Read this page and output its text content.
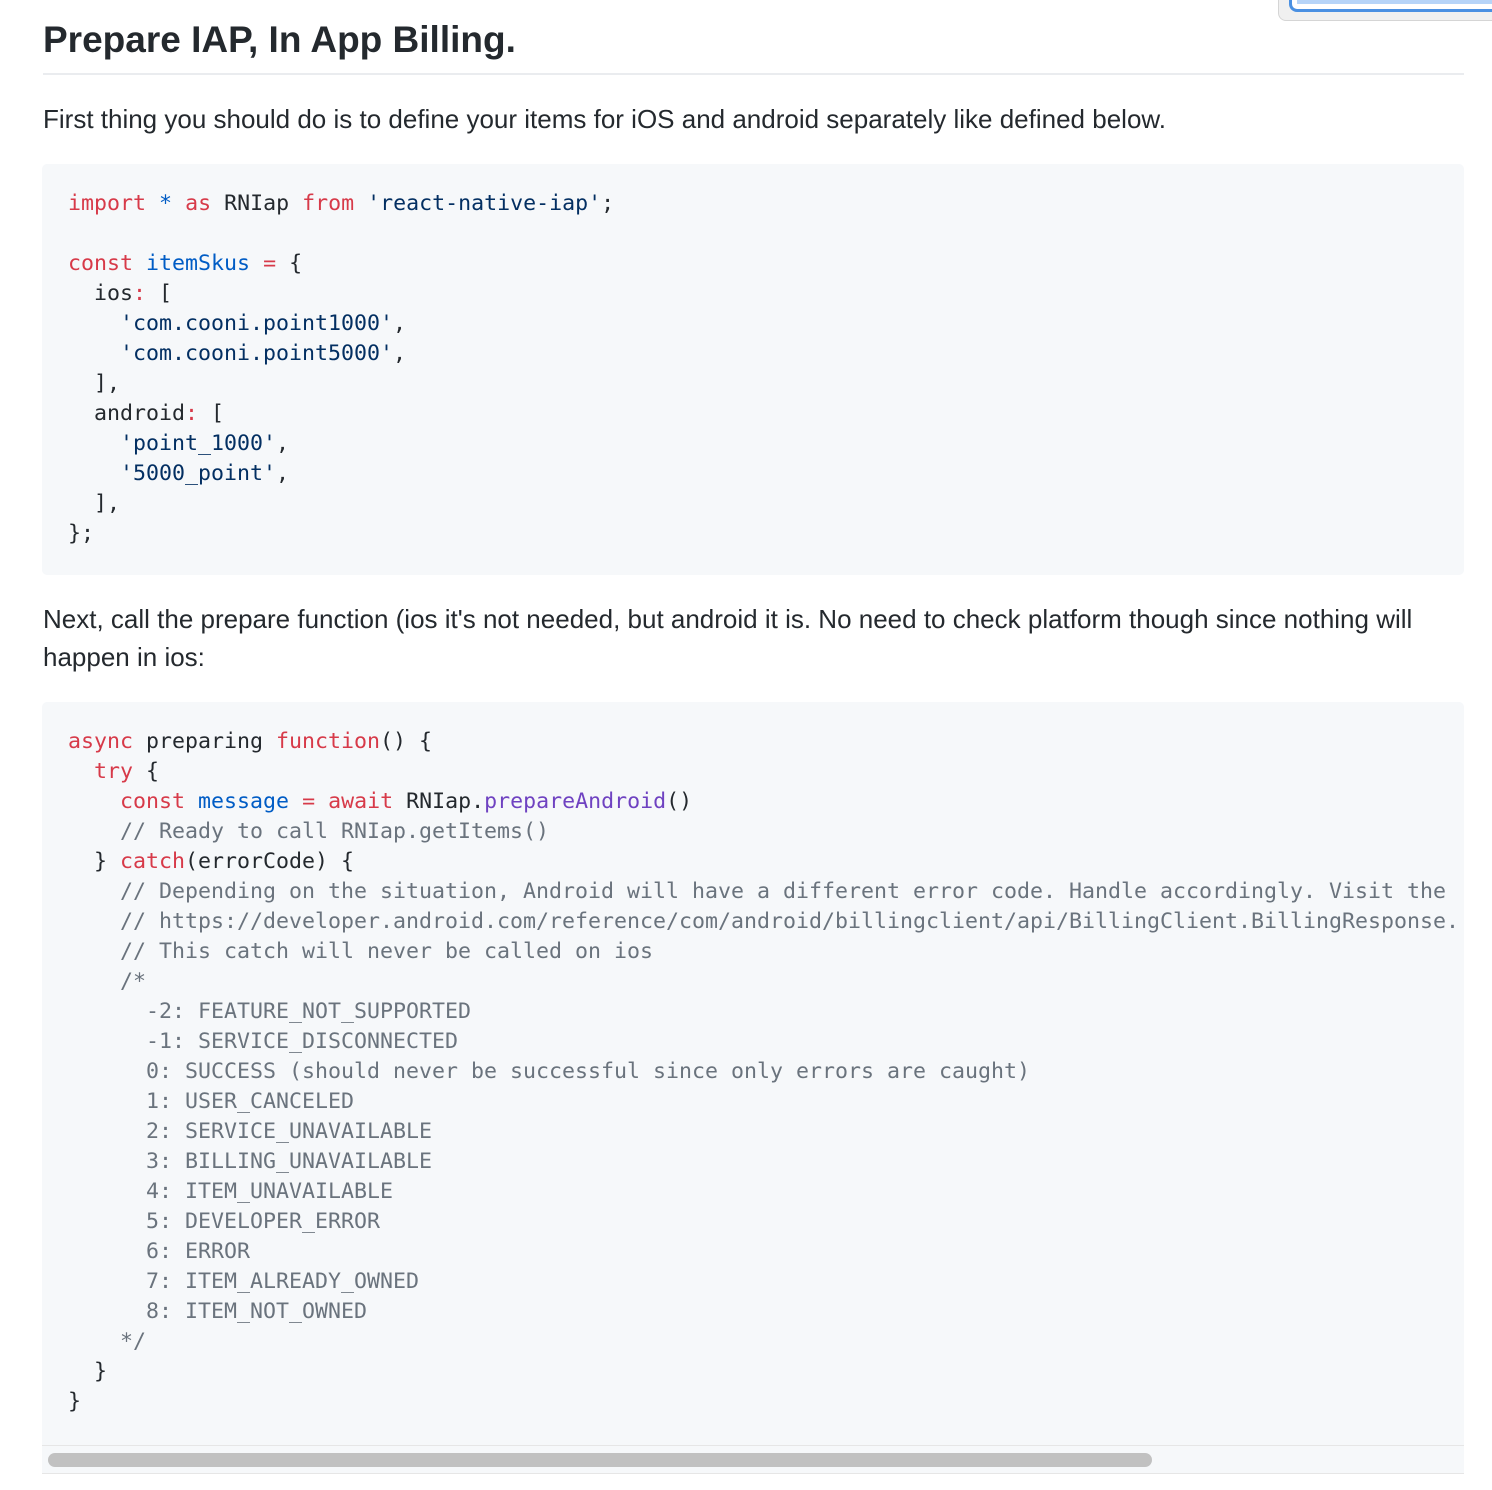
Prepare IAP, In App Billing.

First thing you should do is to define your items for iOS and android separately like defined below.

import * as RNIap from 'react-native-iap';
const itemSkus = {
ios: [
'com.cooni.point1000',
'com.cooni.point5000',
],
android: [
'point_1000',
'5000_point',
],
};

Next, call the prepare function (ios it's not needed, but android it is. No need to check platform though since nothing will happen in ios:

async preparing function() {
try {
const message = await RNIap.prepareAndroid()
// Ready to call RNIap.getItems()
} catch(errorCode) {
// Depending on the situation, Android will have a different error code. Handle accordingly. Visit the
// https://developer.android.com/reference/com/android/billingclient/api/BillingClient.BillingResponse.
// This catch will never be called on ios
/*
-2: FEATURE_NOT_SUPPORTED
-1: SERVICE_DISCONNECTED
0: SUCCESS (should never be successful since only errors are caught)
1: USER_CANCELED
2: SERVICE_UNAVAILABLE
3: BILLING_UNAVAILABLE
4: ITEM_UNAVAILABLE
5: DEVELOPER_ERROR
6: ERROR
7: ITEM_ALREADY_OWNED
8: ITEM_NOT_OWNED
*/
}
}
